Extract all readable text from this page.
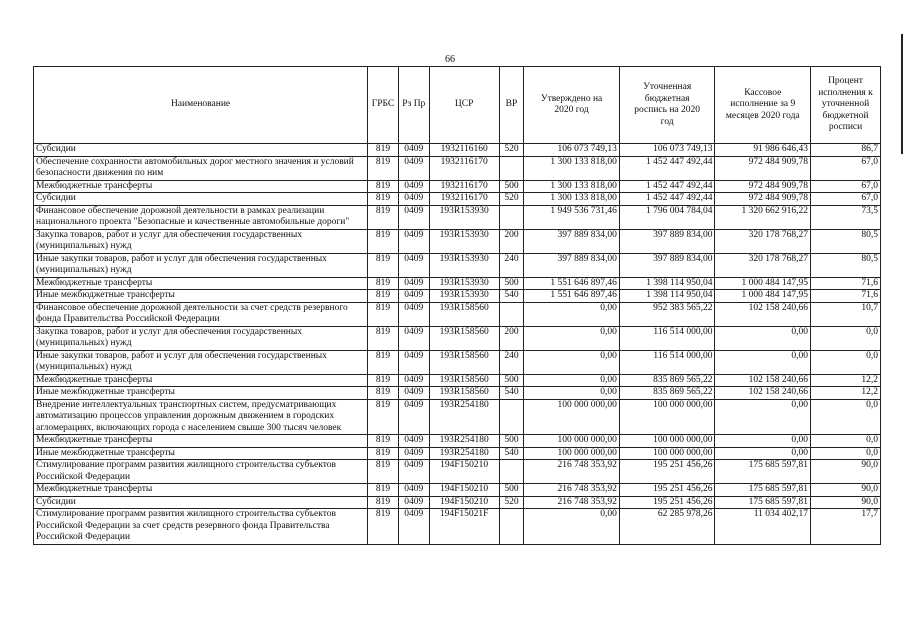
66
Наименование	ГРБС	Рз Пр	ЦСР	ВР	Утверждено на 2020 год	Уточненная бюджетная роспись на 2020 год	Кассовое исполнение за 9 месяцев 2020 года	Процент исполнения к уточненной бюджетной росписи
Субсидии	819	0409	1932116160	520	106 073 749,13	106 073 749,13	91 986 646,43	86,7
Обеспечение сохранности автомобильных дорог местного значения и условий безопасности движения по ним	819	0409	1932116170		1 300 133 818,00	1 452 447 492,44	972 484 909,78	67,0
Межбюджетные трансферты	819	0409	1932116170	500	1 300 133 818,00	1 452 447 492,44	972 484 909,78	67,0
Субсидии	819	0409	1932116170	520	1 300 133 818,00	1 452 447 492,44	972 484 909,78	67,0
Финансовое обеспечение дорожной деятельности в рамках реализации национального проекта "Безопасные и качественные автомобильные дороги"	819	0409	193R153930		1 949 536 731,46	1 796 004 784,04	1 320 662 916,22	73,5
Закупка товаров, работ и услуг для обеспечения государственных (муниципальных) нужд	819	0409	193R153930	200	397 889 834,00	397 889 834,00	320 178 768,27	80,5
Иные закупки товаров, работ и услуг для обеспечения государственных (муниципальных) нужд	819	0409	193R153930	240	397 889 834,00	397 889 834,00	320 178 768,27	80,5
Межбюджетные трансферты	819	0409	193R153930	500	1 551 646 897,46	1 398 114 950,04	1 000 484 147,95	71,6
Иные межбюджетные трансферты	819	0409	193R153930	540	1 551 646 897,46	1 398 114 950,04	1 000 484 147,95	71,6
Финансовое обеспечение дорожной деятельности за счет средств резервного фонда Правительства Российской Федерации	819	0409	193R158560		0,00	952 383 565,22	102 158 240,66	10,7
Закупка товаров, работ и услуг для обеспечения государственных (муниципальных) нужд	819	0409	193R158560	200	0,00	116 514 000,00	0,00	0,0
Иные закупки товаров, работ и услуг для обеспечения государственных (муниципальных) нужд	819	0409	193R158560	240	0,00	116 514 000,00	0,00	0,0
Межбюджетные трансферты	819	0409	193R158560	500	0,00	835 869 565,22	102 158 240,66	12,2
Иные межбюджетные трансферты	819	0409	193R158560	540	0,00	835 869 565,22	102 158 240,66	12,2
Внедрение интеллектуальных транспортных систем, предусматривающих автоматизацию процессов управления дорожным движением в городских агломерациях, включающих города с населением свыше 300 тысяч человек	819	0409	193R254180		100 000 000,00	100 000 000,00	0,00	0,0
Межбюджетные трансферты	819	0409	193R254180	500	100 000 000,00	100 000 000,00	0,00	0,0
Иные межбюджетные трансферты	819	0409	193R254180	540	100 000 000,00	100 000 000,00	0,00	0,0
Стимулирование программ развития жилищного строительства субъектов Российской Федерации	819	0409	194F150210		216 748 353,92	195 251 456,26	175 685 597,81	90,0
Межбюджетные трансферты	819	0409	194F150210	500	216 748 353,92	195 251 456,26	175 685 597,81	90,0
Субсидии	819	0409	194F150210	520	216 748 353,92	195 251 456,26	175 685 597,81	90,0
Стимулирование программ развития жилищного строительства субъектов Российской Федерации за счет средств резервного фонда Правительства Российской Федерации	819	0409	194F15021F		0,00	62 285 978,26	11 034 402,17	17,7
